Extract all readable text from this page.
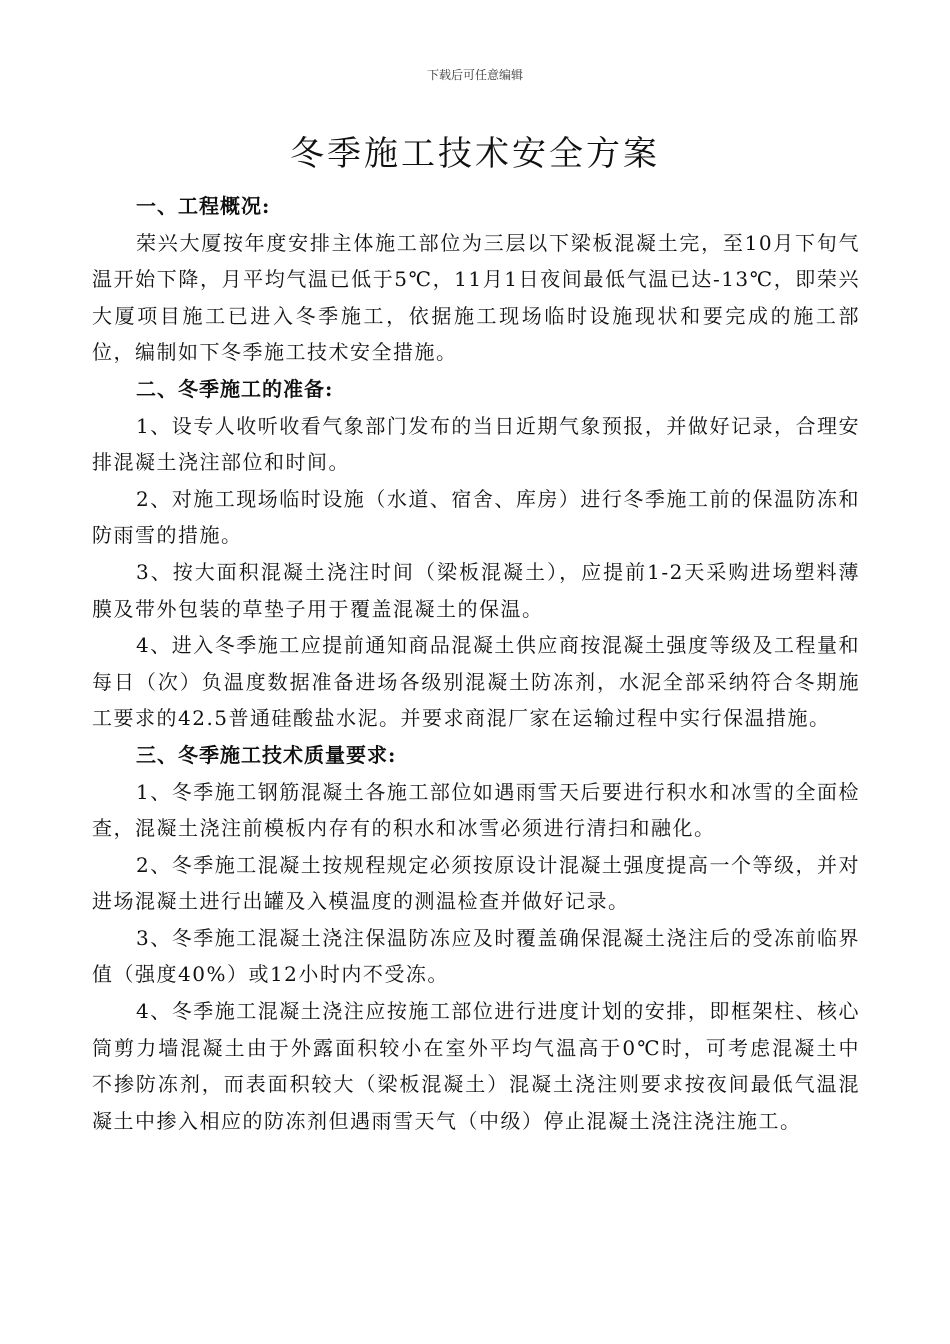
下载后可任意编辑
冬季施工技术安全方案
一、工程概况:

荣兴大厦按年度安排主体施工部位为三层以下梁板混凝土完，至10月下旬气温开始下降，月平均气温已低于5℃，11月1日夜间最低气温已达-13℃，即荣兴大厦项目施工已进入冬季施工，依据施工现场临时设施现状和要完成的施工部位，编制如下冬季施工技术安全措施。

二、冬季施工的准备:

1、设专人收听收看气象部门发布的当日近期气象预报，并做好记录，合理安排混凝土浇注部位和时间。

2、对施工现场临时设施（水道、宿舍、库房）进行冬季施工前的保温防冻和防雨雪的措施。

3、按大面积混凝土浇注时间（梁板混凝土），应提前1-2天采购进场塑料薄膜及带外包装的草垫子用于覆盖混凝土的保温。

4、进入冬季施工应提前通知商品混凝土供应商按混凝土强度等级及工程量和每日（次）负温度数据准备进场各级别混凝土防冻剂，水泥全部采纳符合冬期施工要求的42.5普通硅酸盐水泥。并要求商混厂家在运输过程中实行保温措施。

三、冬季施工技术质量要求:

1、冬季施工钢筋混凝土各施工部位如遇雨雪天后要进行积水和冰雪的全面检查，混凝土浇注前模板内存有的积水和冰雪必须进行清扫和融化。

2、冬季施工混凝土按规程规定必须按原设计混凝土强度提高一个等级，并对进场混凝土进行出罐及入模温度的测温检查并做好记录。

3、冬季施工混凝土浇注保温防冻应及时覆盖确保混凝土浇注后的受冻前临界值（强度40%）或12小时内不受冻。

4、冬季施工混凝土浇注应按施工部位进行进度计划的安排，即框架柱、核心筒剪力墙混凝土由于外露面积较小在室外平均气温高于0℃时，可考虑混凝土中不掺防冻剂，而表面积较大（梁板混凝土）混凝土浇注则要求按夜间最低气温混凝土中掺入相应的防冻剂但遇雨雪天气（中级）停止混凝土浇注浇注施工。
